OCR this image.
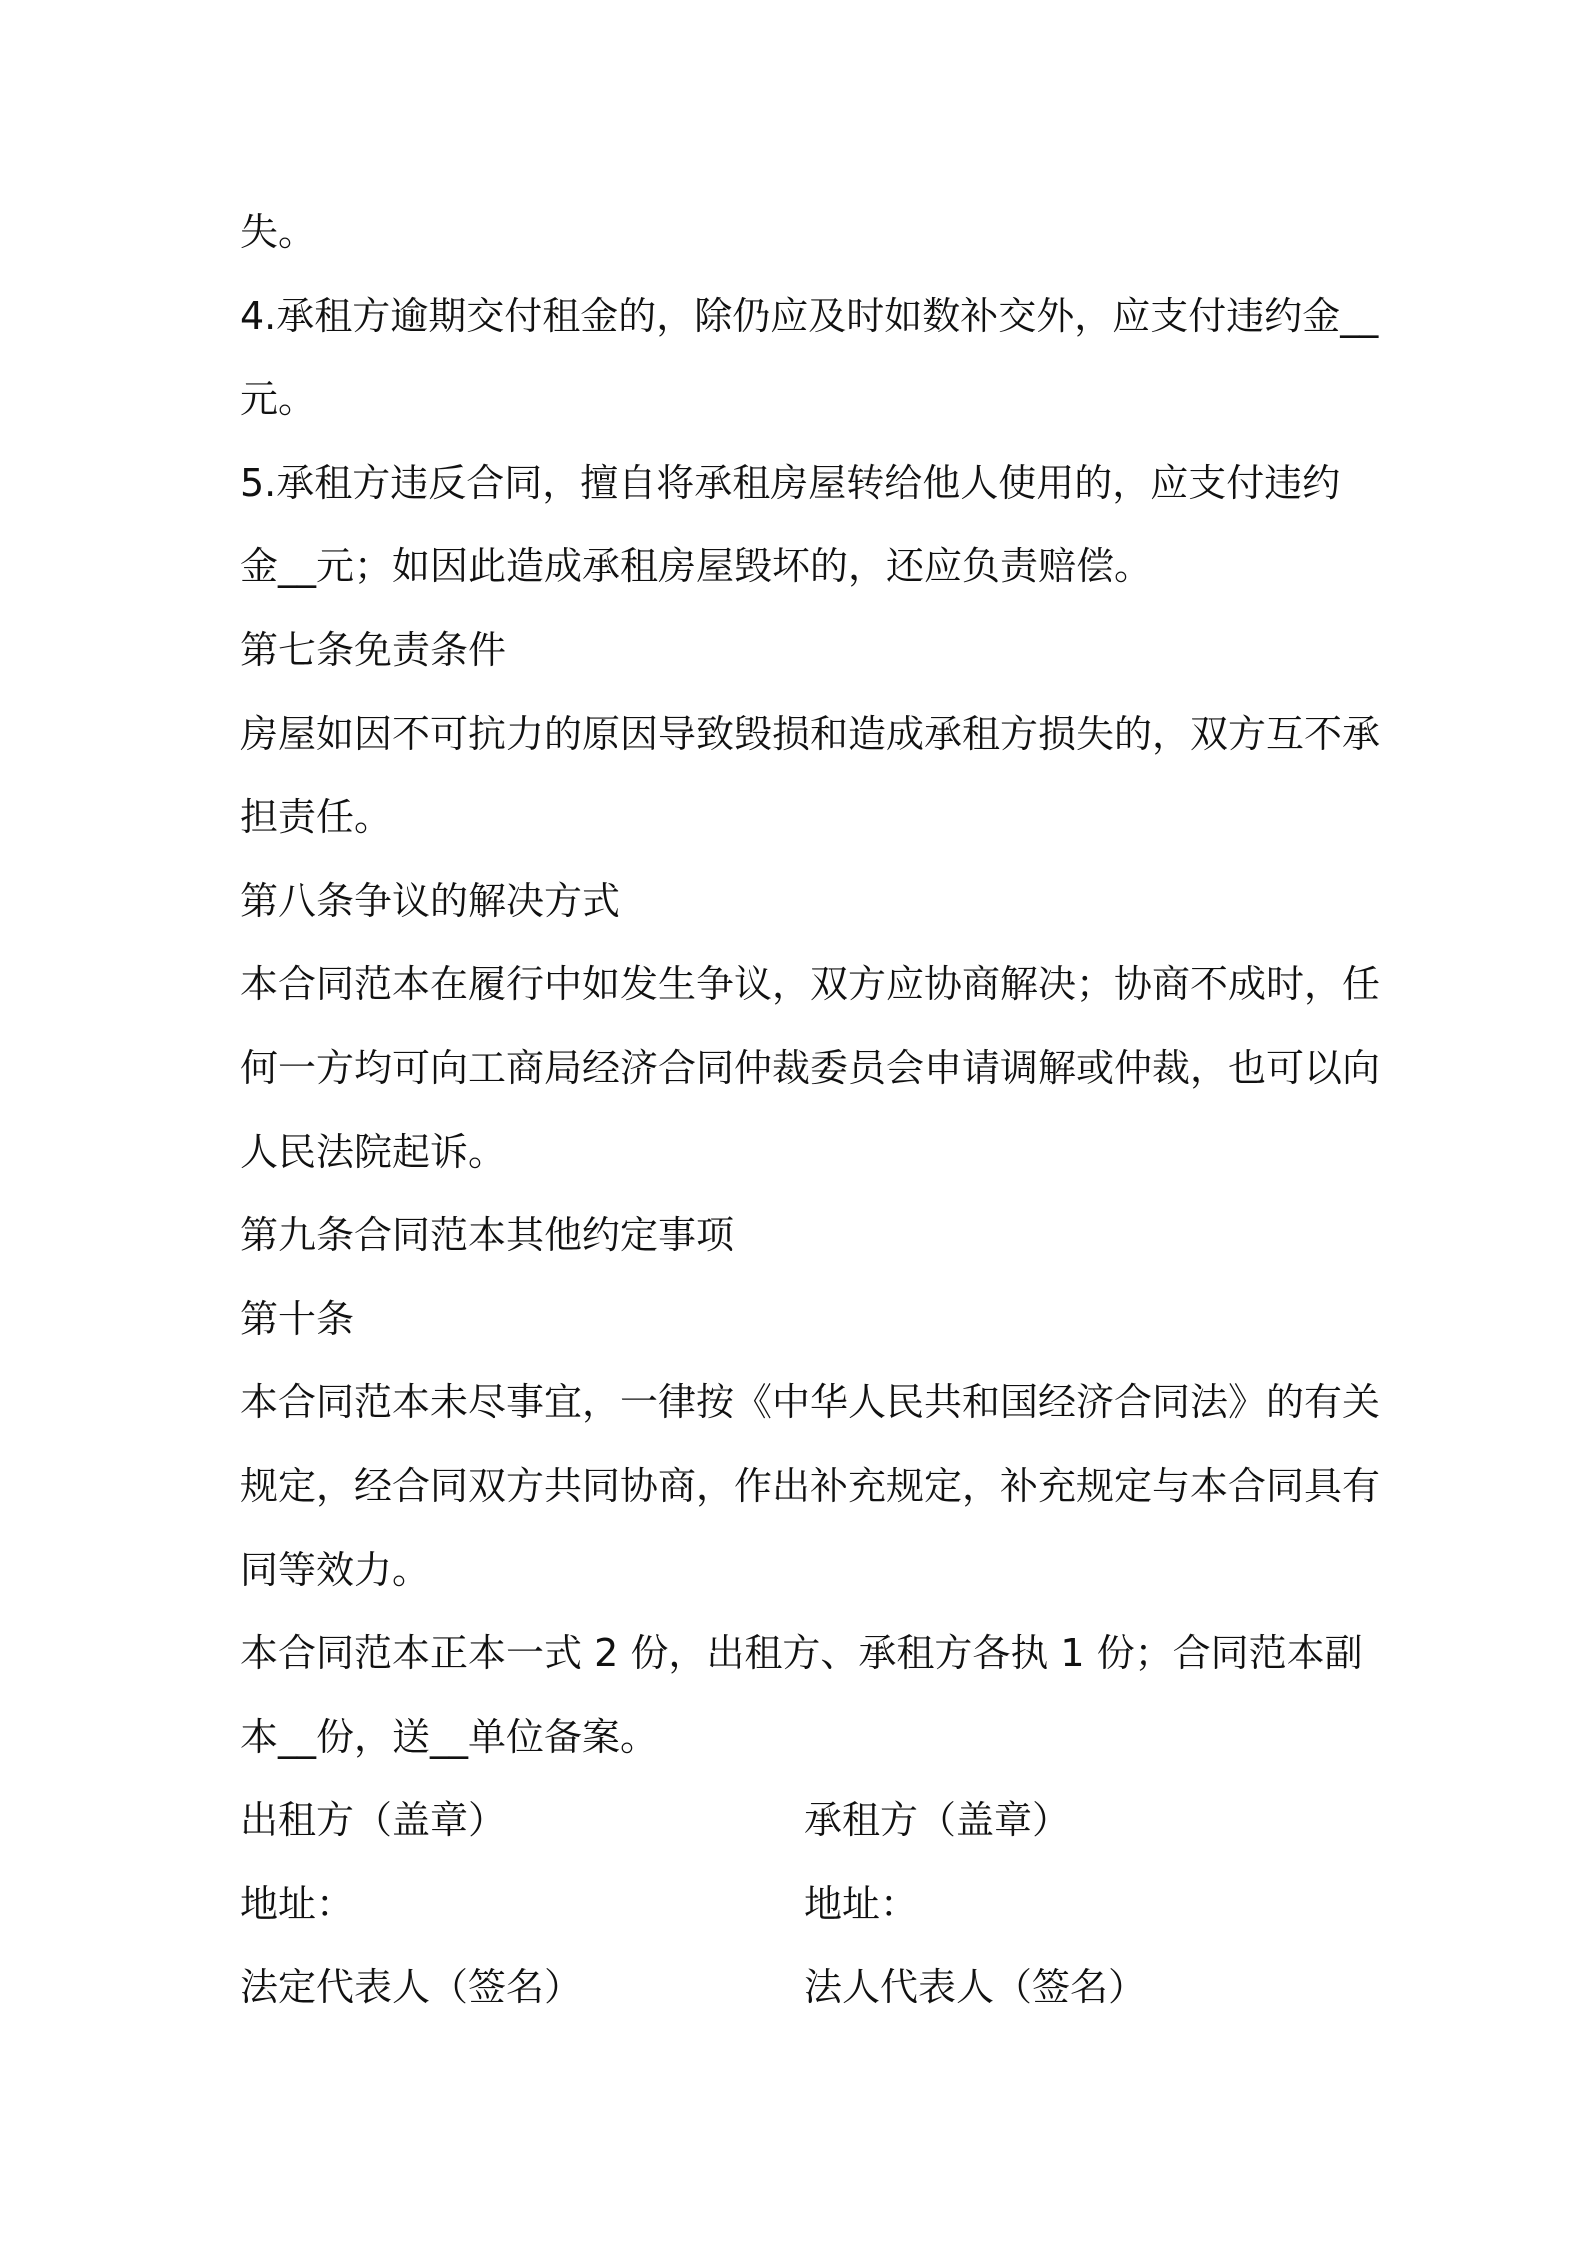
失。
4.承租方逾期交付租金的，除仍应及时如数补交外，应支付违约金__
元。
5.承租方违反合同，擅自将承租房屋转给他人使用的，应支付违约
金__元；如因此造成承租房屋毁坏的，还应负责赔偿。
第七条免责条件
房屋如因不可抗力的原因导致毁损和造成承租方损失的，双方互不承
担责任。
第八条争议的解决方式
本合同范本在履行中如发生争议，双方应协商解决；协商不成时，任
何一方均可向工商局经济合同仲裁委员会申请调解或仲裁，也可以向
人民法院起诉。
第九条合同范本其他约定事项
第十条
本合同范本未尽事宜，一律按《中华人民共和国经济合同法》的有关
规定，经合同双方共同协商，作出补充规定，补充规定与本合同具有
同等效力。
本合同范本正本一式 2 份，出租方、承租方各执 1 份；合同范本副
本__份，送__单位备案。
出租方（盖章）	承租方（盖章）
地址：	地址：
法定代表人（签名）	法人代表人（签名）
